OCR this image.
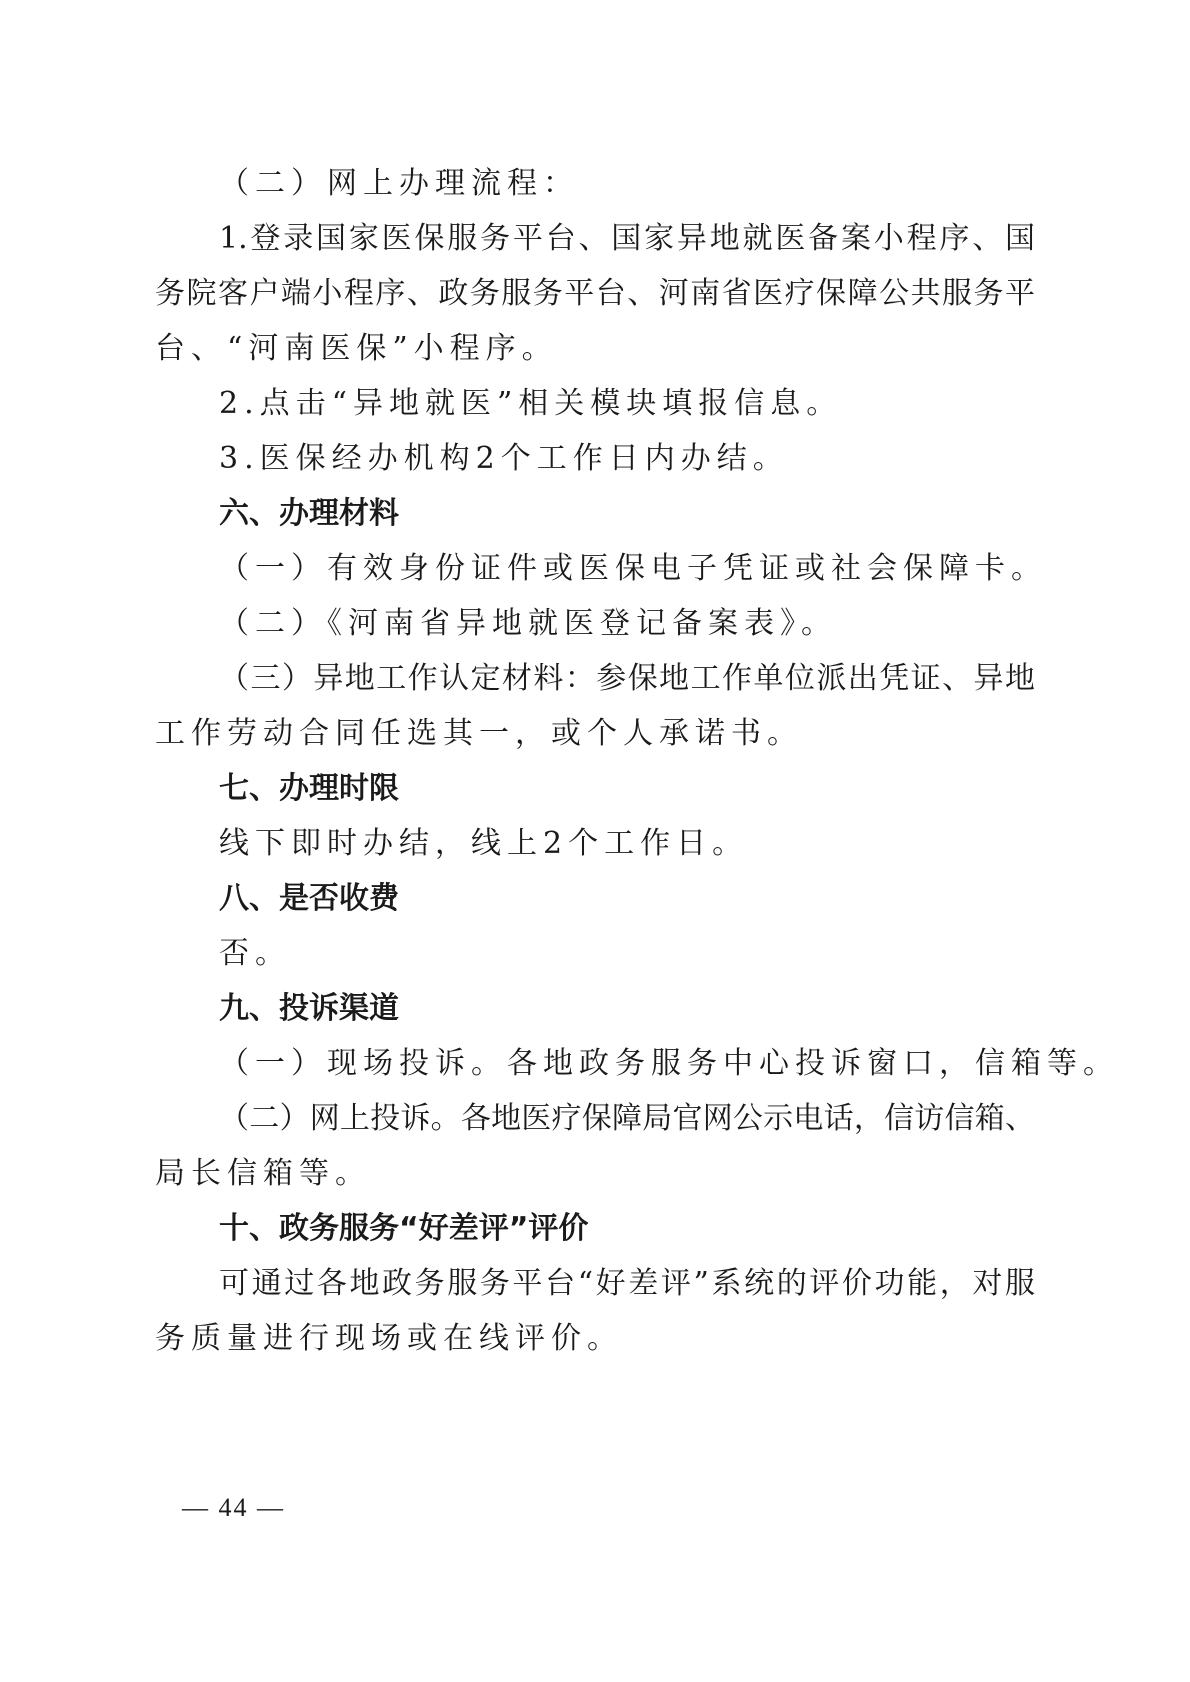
（二）网上办理流程：
1.登录国家医保服务平台、国家异地就医备案小程序、国
务院客户端小程序、政务服务平台、河南省医疗保障公共服务平
台、“河南医保”小程序。
2.点击“异地就医”相关模块填报信息。
3.医保经办机构2个工作日内办结。
六、办理材料
（一）有效身份证件或医保电子凭证或社会保障卡。
（二）《河南省异地就医登记备案表》。
（三）异地工作认定材料：参保地工作单位派出凭证、异地
工作劳动合同任选其一，或个人承诺书。
七、办理时限
线下即时办结，线上2个工作日。
八、是否收费
否。
九、投诉渠道
（一）现场投诉。各地政务服务中心投诉窗口，信箱等。
（二）网上投诉。各地医疗保障局官网公示电话，信访信箱、
局长信箱等。
十、政务服务“好差评”评价
可通过各地政务服务平台“好差评”系统的评价功能，对服
务质量进行现场或在线评价。
— 44 —
